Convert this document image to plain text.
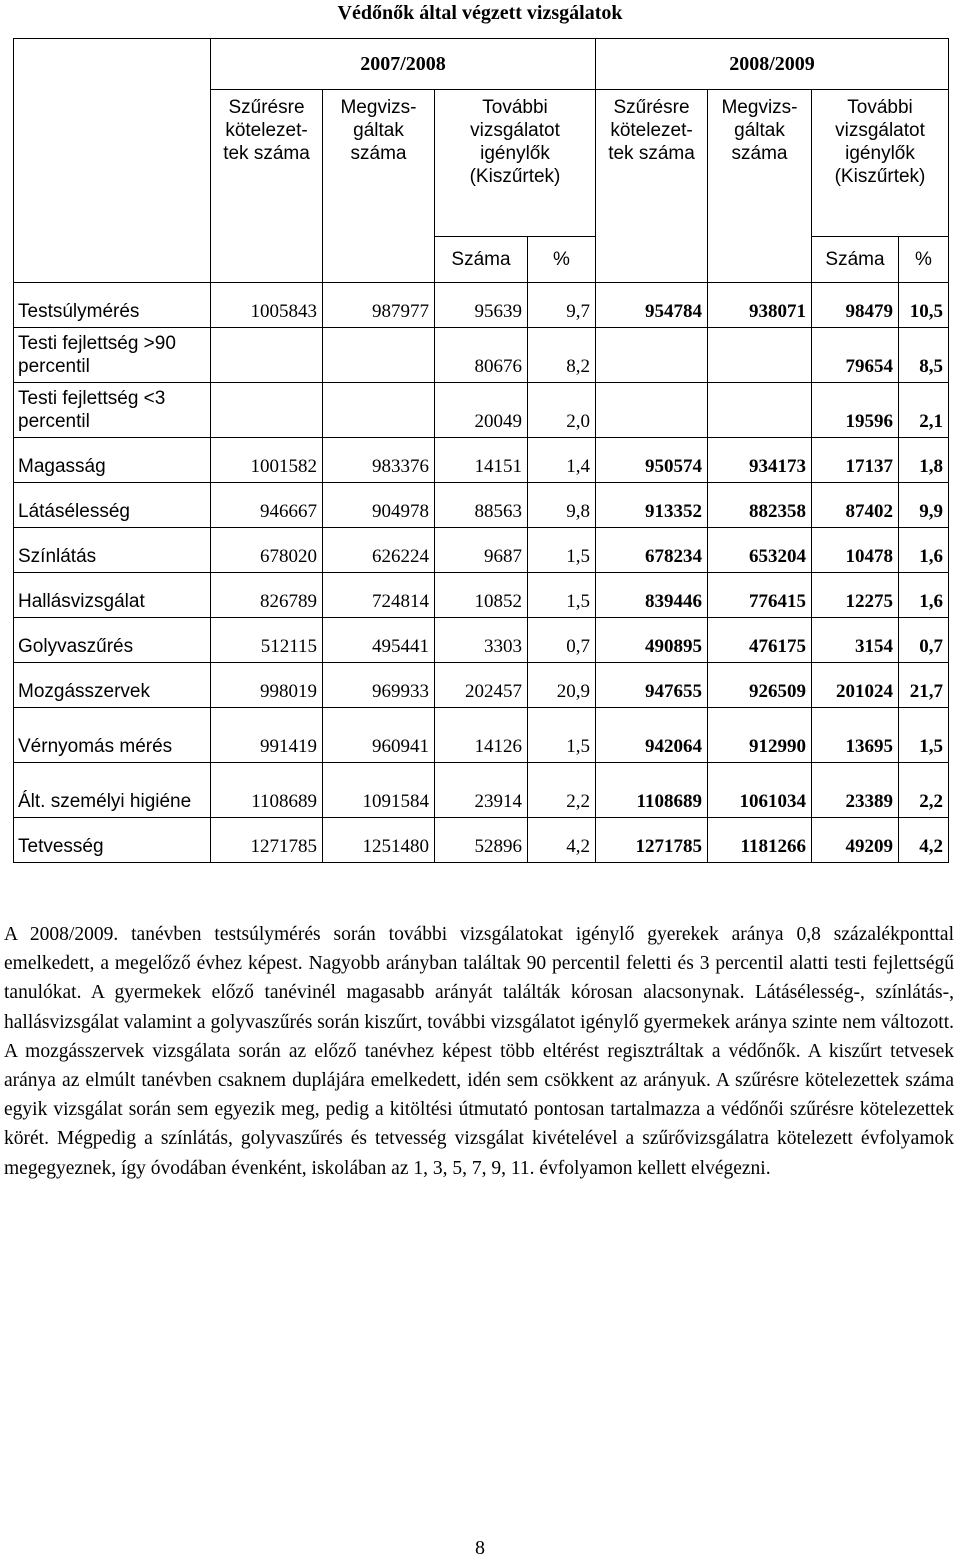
Védőnők által végzett vizsgálatok
	2007/2008				2008/2009			
	Szűrésre kötelezet-tek száma	Megvizs-gáltak száma	További vizsgálatot igénylők (Kiszűrtek)		Szűrésre kötelezet-tek száma	Megvizs-gáltak száma	További vizsgálatot igénylők (Kiszűrtek)	
			Száma	%			Száma	%
Testsúlymérés	1005843	987977	95639	9,7	954784	938071	98479	10,5
Testi fejlettség >90 percentil			80676	8,2			79654	8,5
Testi fejlettség <3 percentil			20049	2,0			19596	2,1
Magasság	1001582	983376	14151	1,4	950574	934173	17137	1,8
Látásélesség	946667	904978	88563	9,8	913352	882358	87402	9,9
Színlátás	678020	626224	9687	1,5	678234	653204	10478	1,6
Hallásvizsgálat	826789	724814	10852	1,5	839446	776415	12275	1,6
Golyvaszűrés	512115	495441	3303	0,7	490895	476175	3154	0,7
Mozgásszervek	998019	969933	202457	20,9	947655	926509	201024	21,7
Vérnyomás mérés	991419	960941	14126	1,5	942064	912990	13695	1,5
Ált. személyi higiéne	1108689	1091584	23914	2,2	1108689	1061034	23389	2,2
Tetvesség	1271785	1251480	52896	4,2	1271785	1181266	49209	4,2
A 2008/2009. tanévben testsúlymérés során további vizsgálatokat igénylő gyerekek aránya 0,8 százalékponttal emelkedett, a megelőző évhez képest. Nagyobb arányban találtak 90 percentil feletti és 3 percentil alatti testi fejlettségű tanulókat. A gyermekek előző tanévinél magasabb arányát találták kórosan alacsonynak. Látásélesség-, színlátás-, hallásvizsgálat valamint a golyvaszűrés során kiszűrt, további vizsgálatot igénylő gyermekek aránya szinte nem változott. A mozgásszervek vizsgálata során az előző tanévhez képest több eltérést regisztráltak a védőnők. A kiszűrt tetvesek aránya az elmúlt tanévben csaknem duplájára emelkedett, idén sem csökkent az arányuk. A szűrésre kötelezettek száma egyik vizsgálat során sem egyezik meg, pedig a kitöltési útmutató pontosan tartalmazza a védőnői szűrésre kötelezettek körét. Mégpedig a színlátás, golyvaszűrés és tetvesség vizsgálat kivételével a szűrővizsgálatra kötelezett évfolyamok megegyeznek, így óvodában évenként, iskolában az 1, 3, 5, 7, 9, 11. évfolyamon kellett elvégezni.
8
